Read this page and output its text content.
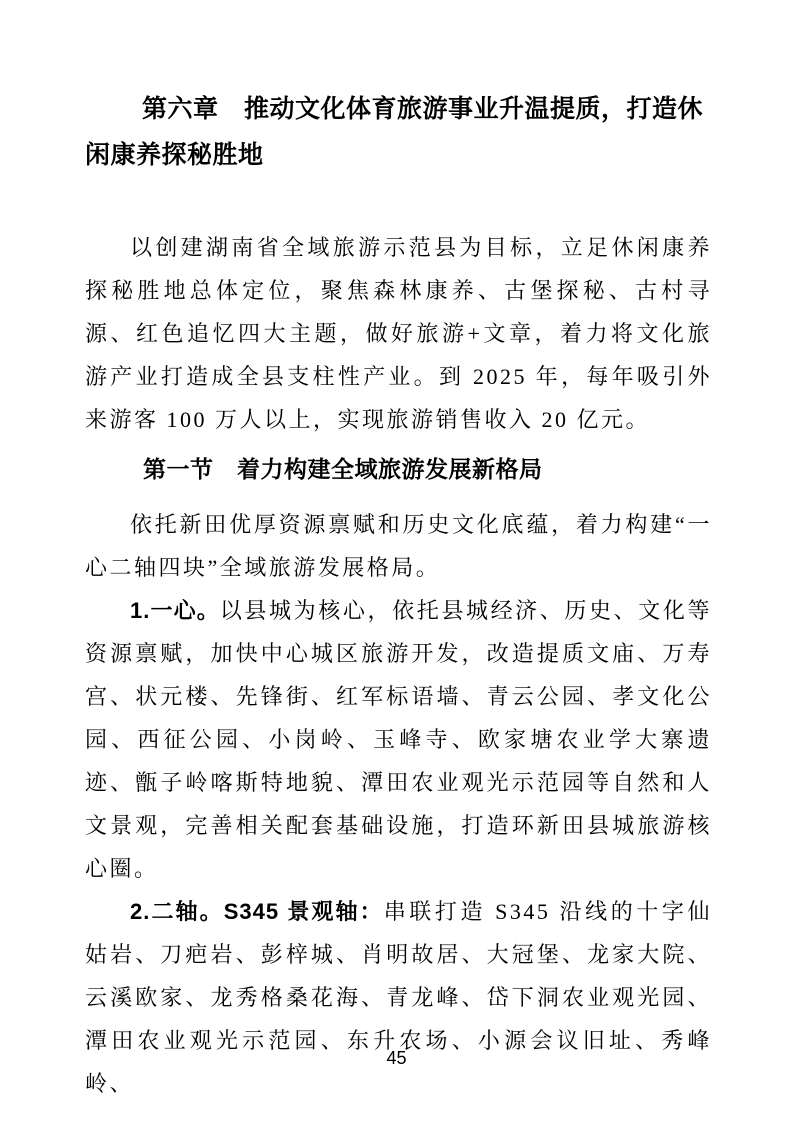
第六章　推动文化体育旅游事业升温提质，打造休闲康养探秘胜地

以创建湖南省全域旅游示范县为目标，立足休闲康养探秘胜地总体定位，聚焦森林康养、古堡探秘、古村寻源、红色追忆四大主题，做好旅游+文章，着力将文化旅游产业打造成全县支柱性产业。到 2025 年，每年吸引外来游客 100 万人以上，实现旅游销售收入 20 亿元。

第一节　着力构建全域旅游发展新格局

依托新田优厚资源禀赋和历史文化底蕴，着力构建“一心二轴四块”全域旅游发展格局。

1.一心。以县城为核心，依托县城经济、历史、文化等资源禀赋，加快中心城区旅游开发，改造提质文庙、万寿宫、状元楼、先锋街、红军标语墙、青云公园、孝文化公园、西征公园、小岗岭、玉峰寺、欧家塘农业学大寨遗迹、甑子岭喀斯特地貌、潭田农业观光示范园等自然和人文景观，完善相关配套基础设施，打造环新田县城旅游核心圈。

2.二轴。S345 景观轴：串联打造 S345 沿线的十字仙姑岩、刀疤岩、彭梓城、肖明故居、大冠堡、龙家大院、云溪欧家、龙秀格桑花海、青龙峰、岱下洞农业观光园、潭田农业观光示范园、东升农场、小源会议旧址、秀峰岭、

45
